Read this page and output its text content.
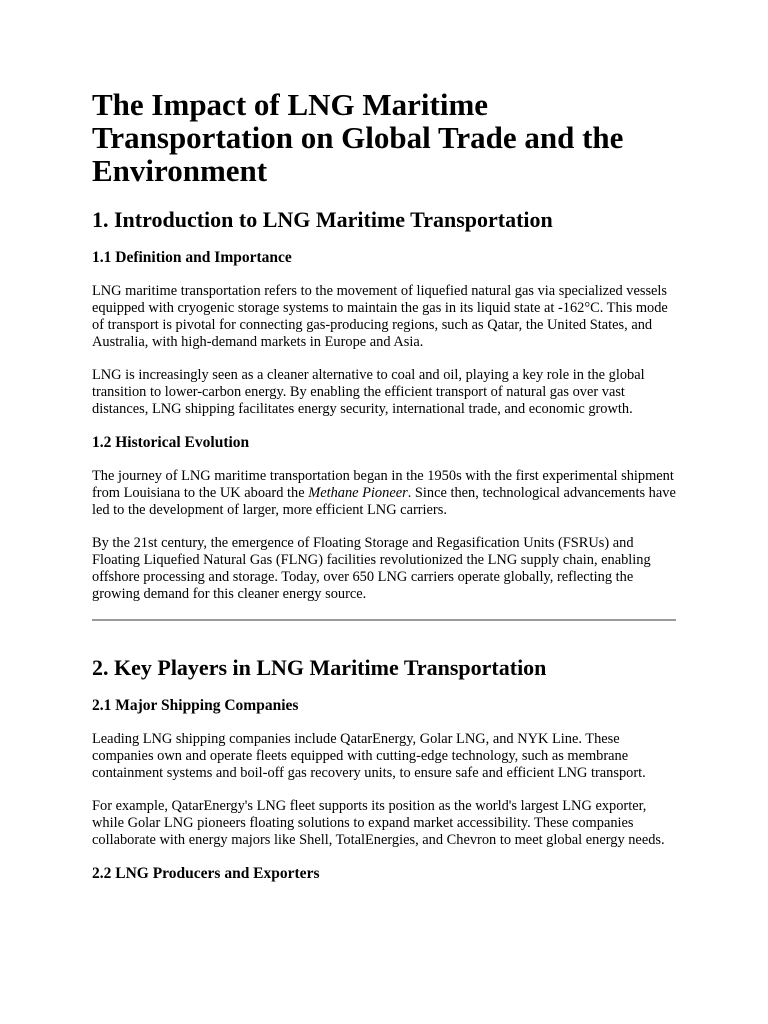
The Impact of LNG Maritime Transportation on Global Trade and the Environment
1. Introduction to LNG Maritime Transportation
1.1 Definition and Importance

LNG maritime transportation refers to the movement of liquefied natural gas via specialized vessels equipped with cryogenic storage systems to maintain the gas in its liquid state at -162°C. This mode of transport is pivotal for connecting gas-producing regions, such as Qatar, the United States, and Australia, with high-demand markets in Europe and Asia.

LNG is increasingly seen as a cleaner alternative to coal and oil, playing a key role in the global transition to lower-carbon energy. By enabling the efficient transport of natural gas over vast distances, LNG shipping facilitates energy security, international trade, and economic growth.

1.2 Historical Evolution

The journey of LNG maritime transportation began in the 1950s with the first experimental shipment from Louisiana to the UK aboard the Methane Pioneer. Since then, technological advancements have led to the development of larger, more efficient LNG carriers.

By the 21st century, the emergence of Floating Storage and Regasification Units (FSRUs) and Floating Liquefied Natural Gas (FLNG) facilities revolutionized the LNG supply chain, enabling offshore processing and storage. Today, over 650 LNG carriers operate globally, reflecting the growing demand for this cleaner energy source.

2. Key Players in LNG Maritime Transportation
2.1 Major Shipping Companies

Leading LNG shipping companies include QatarEnergy, Golar LNG, and NYK Line. These companies own and operate fleets equipped with cutting-edge technology, such as membrane containment systems and boil-off gas recovery units, to ensure safe and efficient LNG transport.

For example, QatarEnergy's LNG fleet supports its position as the world's largest LNG exporter, while Golar LNG pioneers floating solutions to expand market accessibility. These companies collaborate with energy majors like Shell, TotalEnergies, and Chevron to meet global energy needs.

2.2 LNG Producers and Exporters
